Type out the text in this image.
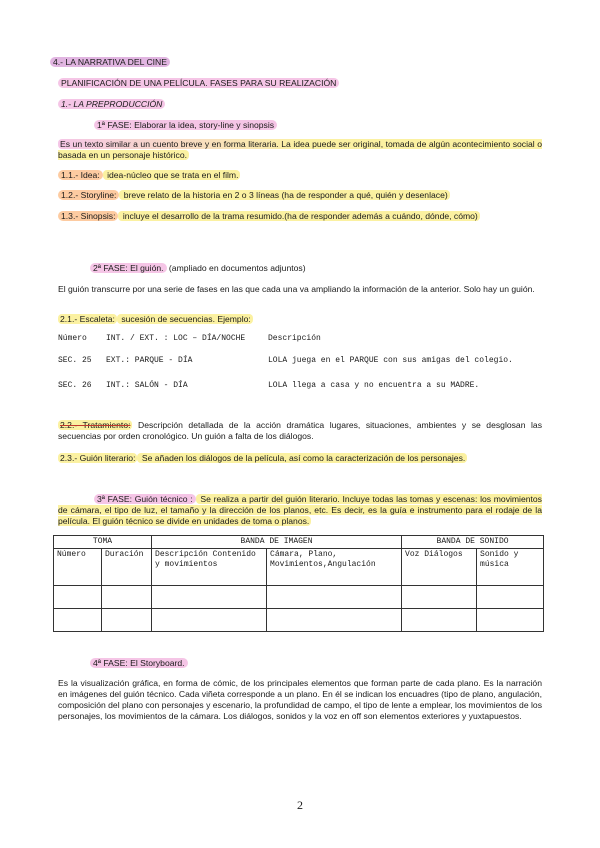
4.- LA NARRATIVA DEL CINE
PLANIFICACIÓN DE UNA PELÍCULA. FASES PARA SU REALIZACIÓN
1.- LA PREPRODUCCIÓN
1ª FASE: Elaborar la idea, story-line y sinopsis
Es un texto similar a un cuento breve y en forma literaria. La idea puede ser original, tomada de algún acontecimiento social o basada en un personaje histórico.
1.1.- Idea: idea-núcleo que se trata en el film.
1.2.- Storyline: breve relato de la historia en 2 o 3 líneas (ha de responder a qué, quién y desenlace)
1.3.- Sinopsis: incluye el desarrollo de la trama resumido.(ha de responder además a cuándo, dónde, cómo)
2ª FASE: El guión. (ampliado en documentos adjuntos)
El guión transcurre por una serie de fases en las que cada una va ampliando la información de la anterior. Solo hay un guión.
2.1.- Escaleta: sucesión de secuencias. Ejemplo:
Número INT. / EXT. : LOC – DÍA/NOCHE	Descripción
SEC. 25 EXT.: PARQUE - DÍA	LOLA juega en el PARQUE con sus amigas del colegio.
SEC. 26 INT.: SALÓN - DÍA	LOLA llega a casa y no encuentra a su MADRE.
2.2.- Tratamiento: Descripción detallada de la acción dramática lugares, situaciones, ambientes y se desglosan las secuencias por orden cronológico. Un guión a falta de los diálogos.
2.3.- Guión literario: Se añaden los diálogos de la película, así como la caracterización de los personajes.
3ª FASE: Guión técnico : Se realiza a partir del guión literario. Incluye todas las tomas y escenas: los movimientos de cámara, el tipo de luz, el tamaño y la dirección de los planos, etc. Es decir, es la guía e instrumento para el rodaje de la película. El guión técnico se divide en unidades de toma o planos.
TOMA		BANDA DE IMAGEN		BANDA DE SONIDO	
Número	Duración	Descripción Contenido y movimientos	Cámara, Plano, Movimientos,Angulación	Voz Diálogos	Sonido y música

4ª FASE: El Storyboard.
Es la visualización gráfica, en forma de cómic, de los principales elementos que forman parte de cada plano. Es la narración en imágenes del guión técnico. Cada viñeta corresponde a un plano. En él se indican los encuadres (tipo de plano, angulación, composición del plano con personajes y escenario, la profundidad de campo, el tipo de lente a emplear, los movimientos de los personajes, los movimientos de la cámara. Los diálogos, sonidos y la voz en off son elementos exteriores y yuxtapuestos.
2
